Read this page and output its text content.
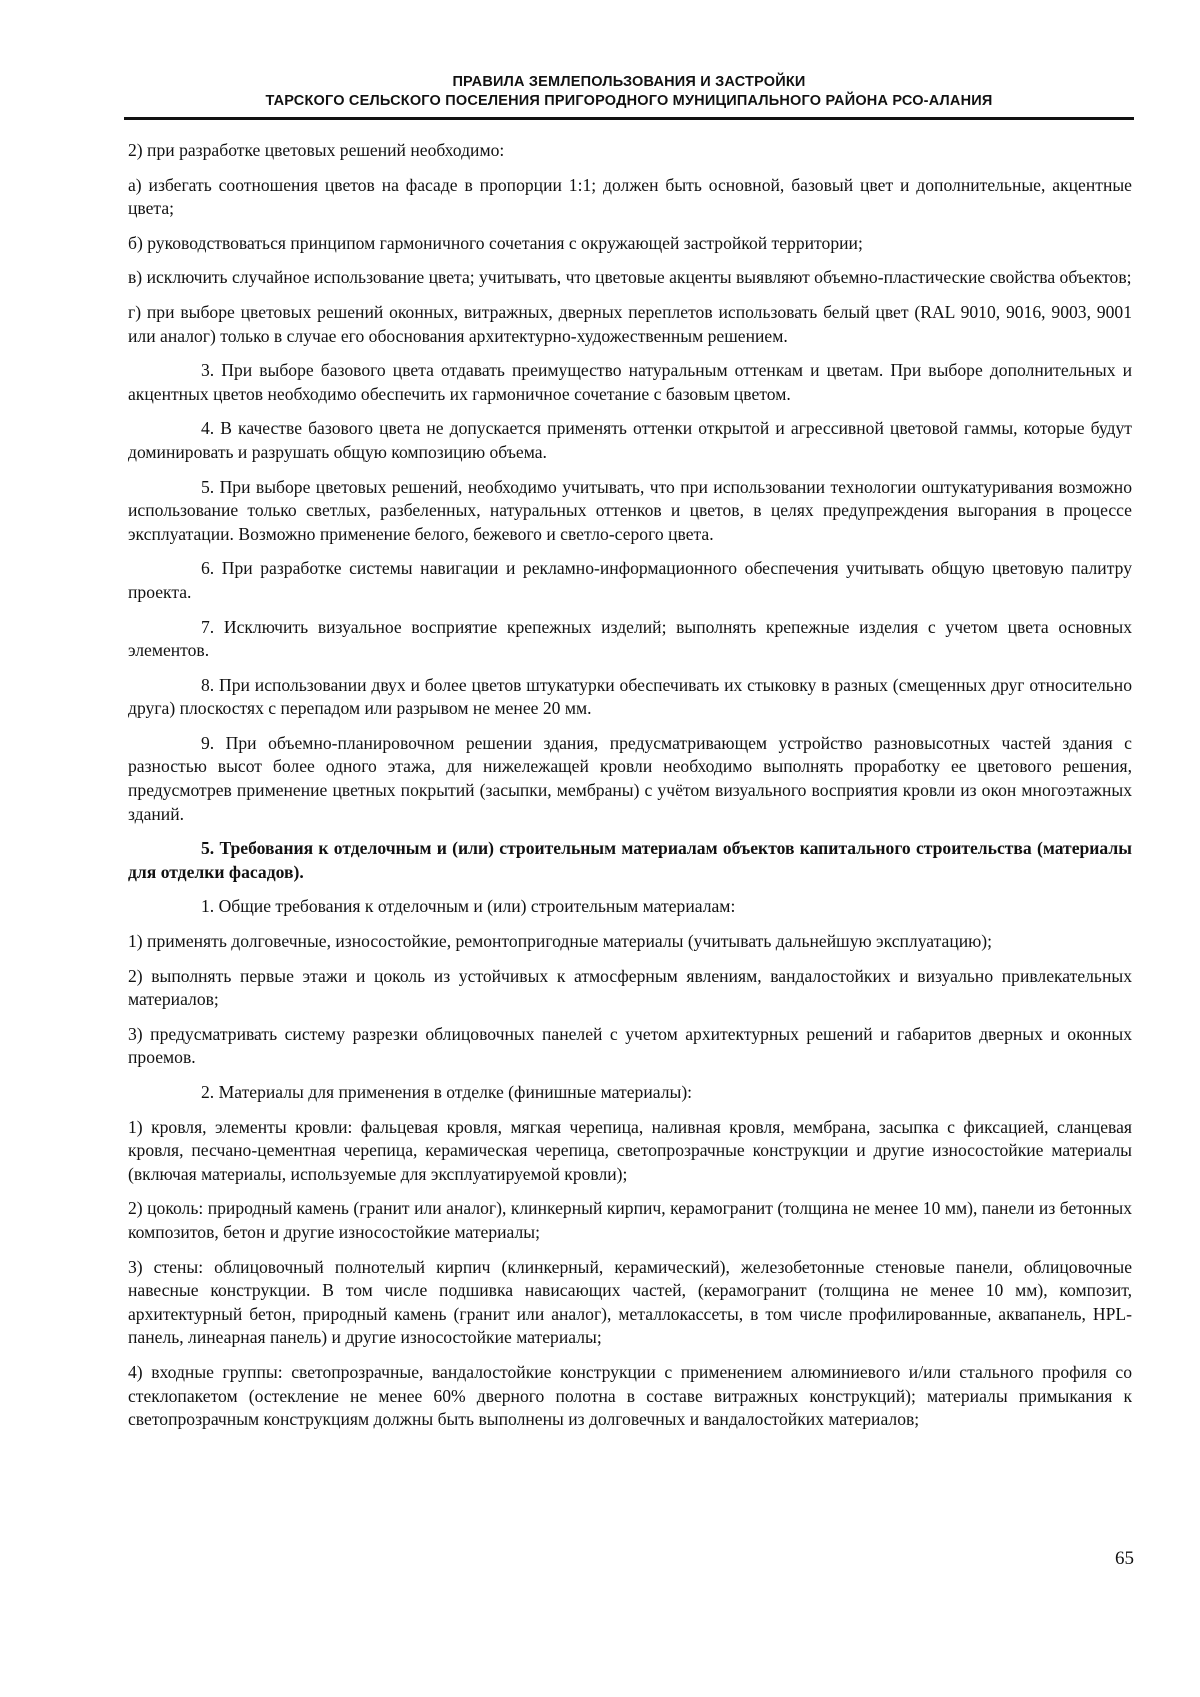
ПРАВИЛА ЗЕМЛЕПОЛЬЗОВАНИЯ И ЗАСТРОЙКИ
ТАРСКОГО СЕЛЬСКОГО ПОСЕЛЕНИЯ ПРИГОРОДНОГО МУНИЦИПАЛЬНОГО РАЙОНА РСО-АЛАНИЯ

2) при разработке цветовых решений необходимо:

а) избегать соотношения цветов на фасаде в пропорции 1:1; должен быть основной, базовый цвет и дополнительные, акцентные цвета;

б) руководствоваться принципом гармоничного сочетания с окружающей застройкой территории;

в) исключить случайное использование цвета; учитывать, что цветовые акценты выявляют объемно-пластические свойства объектов;

г) при выборе цветовых решений оконных, витражных, дверных переплетов использовать белый цвет (RAL 9010, 9016, 9003, 9001 или аналог) только в случае его обоснования архитектурно-художественным решением.

3. При выборе базового цвета отдавать преимущество натуральным оттенкам и цветам. При выборе дополнительных и акцентных цветов необходимо обеспечить их гармоничное сочетание с базовым цветом.

4. В качестве базового цвета не допускается применять оттенки открытой и агрессивной цветовой гаммы, которые будут доминировать и разрушать общую композицию объема.

5. При выборе цветовых решений, необходимо учитывать, что при использовании технологии оштукатуривания возможно использование только светлых, разбеленных, натуральных оттенков и цветов, в целях предупреждения выгорания в процессе эксплуатации. Возможно применение белого, бежевого и светло-серого цвета.

6. При разработке системы навигации и рекламно-информационного обеспечения учитывать общую цветовую палитру проекта.

7. Исключить визуальное восприятие крепежных изделий; выполнять крепежные изделия с учетом цвета основных элементов.

8. При использовании двух и более цветов штукатурки обеспечивать их стыковку в разных (смещенных друг относительно друга) плоскостях с перепадом или разрывом не менее 20 мм.

9. При объемно-планировочном решении здания, предусматривающем устройство разновысотных частей здания с разностью высот более одного этажа, для нижележащей кровли необходимо выполнять проработку ее цветового решения, предусмотрев применение цветных покрытий (засыпки, мембраны) с учётом визуального восприятия кровли из окон многоэтажных зданий.

5. Требования к отделочным и (или) строительным материалам объектов капитального строительства (материалы для отделки фасадов).

1. Общие требования к отделочным и (или) строительным материалам:

1) применять долговечные, износостойкие, ремонтопригодные материалы (учитывать дальнейшую эксплуатацию);

2) выполнять первые этажи и цоколь из устойчивых к атмосферным явлениям, вандалостойких и визуально привлекательных материалов;

3) предусматривать систему разрезки облицовочных панелей с учетом архитектурных решений и габаритов дверных и оконных проемов.

2. Материалы для применения в отделке (финишные материалы):

1) кровля, элементы кровли: фальцевая кровля, мягкая черепица, наливная кровля, мембрана, засыпка с фиксацией, сланцевая кровля, песчано-цементная черепица, керамическая черепица, светопрозрачные конструкции и другие износостойкие материалы (включая материалы, используемые для эксплуатируемой кровли);

2) цоколь: природный камень (гранит или аналог), клинкерный кирпич, керамогранит (толщина не менее 10 мм), панели из бетонных композитов, бетон и другие износостойкие материалы;

3) стены: облицовочный полнотелый кирпич (клинкерный, керамический), железобетонные стеновые панели, облицовочные навесные конструкции. В том числе подшивка нависающих частей, (керамогранит (толщина не менее 10 мм), композит, архитектурный бетон, природный камень (гранит или аналог), металлокассеты, в том числе профилированные, аквапанель, HPL-панель, линеарная панель) и другие износостойкие материалы;

4) входные группы: светопрозрачные, вандалостойкие конструкции с применением алюминиевого и/или стального профиля со стеклопакетом (остекление не менее 60% дверного полотна в составе витражных конструкций); материалы примыкания к светопрозрачным конструкциям должны быть выполнены из долговечных и вандалостойких материалов;

65
